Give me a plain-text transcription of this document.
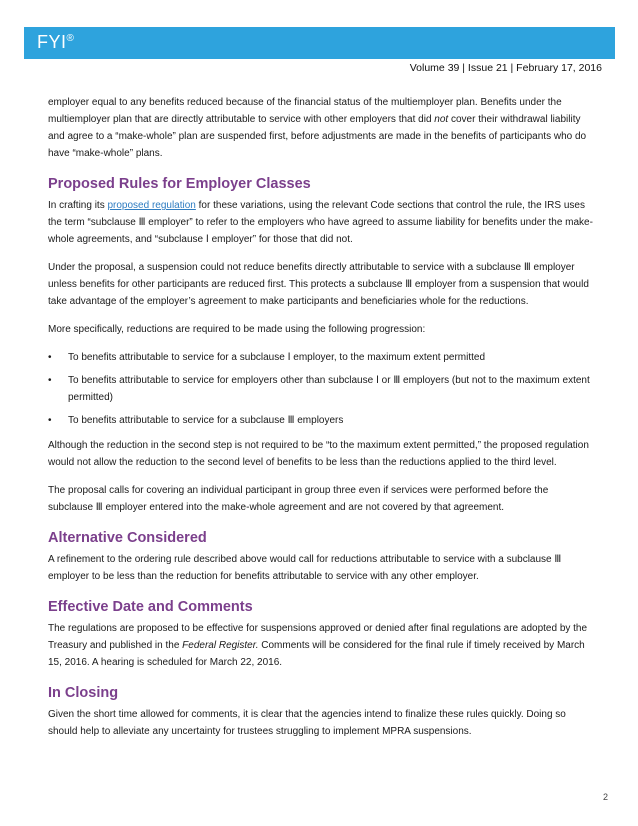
FYI®
Volume 39 | Issue 21 | February 17, 2016

employer equal to any benefits reduced because of the financial status of the multiemployer plan. Benefits under the multiemployer plan that are directly attributable to service with other employers that did not cover their withdrawal liability and agree to a “make-whole” plan are suspended first, before adjustments are made in the benefits of participants who do have “make-whole” plans.

Proposed Rules for Employer Classes

In crafting its proposed regulation for these variations, using the relevant Code sections that control the rule, the IRS uses the term “subclause Ⅲ employer” to refer to the employers who have agreed to assume liability for benefits under the make-whole agreements, and “subclause Ⅰ employer” for those that did not.

Under the proposal, a suspension could not reduce benefits directly attributable to service with a subclause Ⅲ employer unless benefits for other participants are reduced first. This protects a subclause Ⅲ employer from a suspension that would take advantage of the employer’s agreement to make participants and beneficiaries whole for the reductions.

More specifically, reductions are required to be made using the following progression:

• To benefits attributable to service for a subclause Ⅰ employer, to the maximum extent permitted
• To benefits attributable to service for employers other than subclause Ⅰ or Ⅲ employers (but not to the maximum extent permitted)
• To benefits attributable to service for a subclause Ⅲ employers

Although the reduction in the second step is not required to be “to the maximum extent permitted,” the proposed regulation would not allow the reduction to the second level of benefits to be less than the reductions applied to the third level.

The proposal calls for covering an individual participant in group three even if services were performed before the subclause Ⅲ employer entered into the make-whole agreement and are not covered by that agreement.

Alternative Considered

A refinement to the ordering rule described above would call for reductions attributable to service with a subclause Ⅲ employer to be less than the reduction for benefits attributable to service with any other employer.

Effective Date and Comments

The regulations are proposed to be effective for suspensions approved or denied after final regulations are adopted by the Treasury and published in the Federal Register. Comments will be considered for the final rule if timely received by March 15, 2016. A hearing is scheduled for March 22, 2016.

In Closing

Given the short time allowed for comments, it is clear that the agencies intend to finalize these rules quickly. Doing so should help to alleviate any uncertainty for trustees struggling to implement MPRA suspensions.

2
